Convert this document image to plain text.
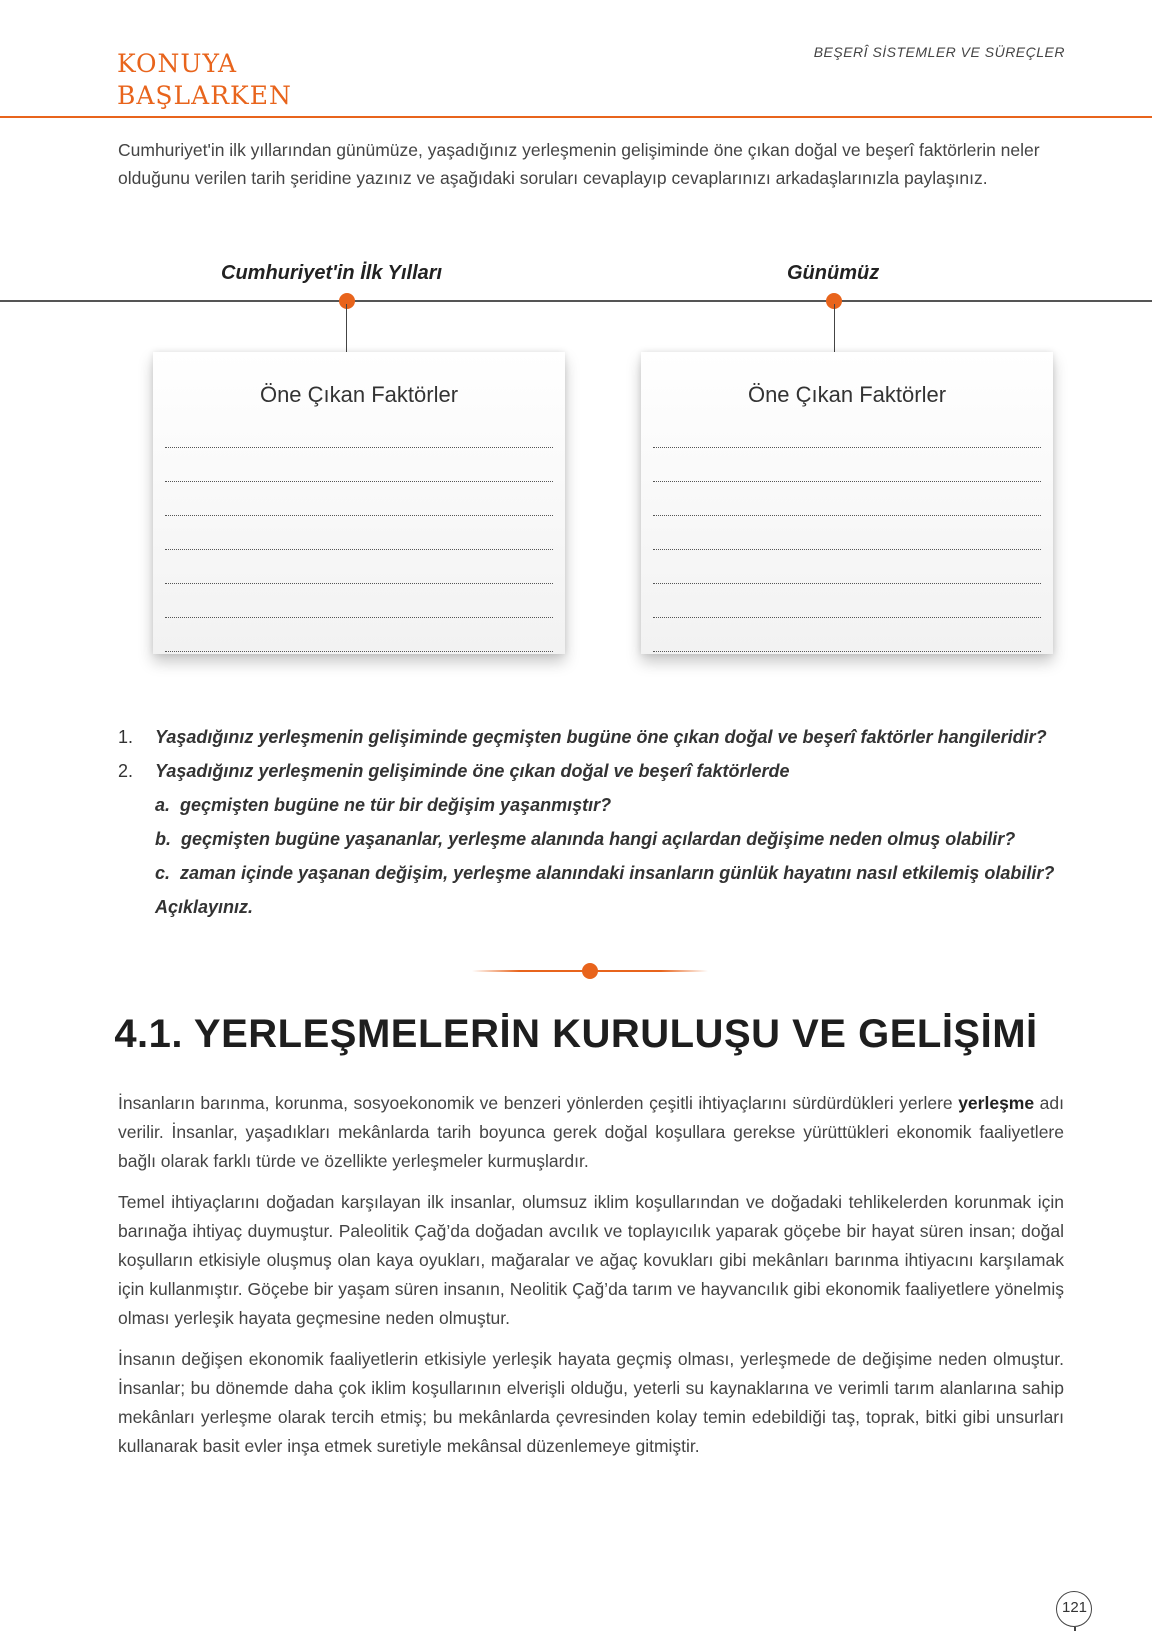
KONUYA
BAŞLARKEN
BEŞERÎ SİSTEMLER VE SÜREÇLER

Cumhuriyet'in ilk yıllarından günümüze, yaşadığınız yerleşmenin gelişiminde öne çıkan doğal ve beşerî faktörlerin neler olduğunu verilen tarih şeridine yazınız ve aşağıdaki soruları cevaplayıp cevaplarınızı arkadaşlarınızla paylaşınız.

Cumhuriyet'in İlk Yılları	Günümüz
Öne Çıkan Faktörler	Öne Çıkan Faktörler
1.	Yaşadığınız yerleşmenin gelişiminde geçmişten bugüne öne çıkan doğal ve beşerî faktörler hangileridir?
2.	Yaşadığınız yerleşmenin gelişiminde öne çıkan doğal ve beşerî faktörlerde
a. geçmişten bugüne ne tür bir değişim yaşanmıştır?
b. geçmişten bugüne yaşananlar, yerleşme alanında hangi açılardan değişime neden olmuş olabilir?
c. zaman içinde yaşanan değişim, yerleşme alanındaki insanların günlük hayatını nasıl etkilemiş olabilir?
Açıklayınız.
4.1. YERLEŞMELERİN KURULUŞU VE GELİŞİMİ

İnsanların barınma, korunma, sosyoekonomik ve benzeri yönlerden çeşitli ihtiyaçlarını sürdürdükleri yerlere yerleşme adı verilir. İnsanlar, yaşadıkları mekânlarda tarih boyunca gerek doğal koşullara gerekse yürüttükleri ekonomik faaliyetlere bağlı olarak farklı türde ve özellikte yerleşmeler kurmuşlardır.

Temel ihtiyaçlarını doğadan karşılayan ilk insanlar, olumsuz iklim koşullarından ve doğadaki tehlikelerden korunmak için barınağa ihtiyaç duymuştur. Paleolitik Çağ’da doğadan avcılık ve toplayıcılık yaparak göçebe bir hayat süren insan; doğal koşulların etkisiyle oluşmuş olan kaya oyukları, mağaralar ve ağaç kovukları gibi mekânları barınma ihtiyacını karşılamak için kullanmıştır. Göçebe bir yaşam süren insanın, Neolitik Çağ’da tarım ve hayvancılık gibi ekonomik faaliyetlere yönelmiş olması yerleşik hayata geçmesine neden olmuştur.

İnsanın değişen ekonomik faaliyetlerin etkisiyle yerleşik hayata geçmiş olması, yerleşmede de değişime neden olmuştur. İnsanlar; bu dönemde daha çok iklim koşullarının elverişli olduğu, yeterli su kaynaklarına ve verimli tarım alanlarına sahip mekânları yerleşme olarak tercih etmiş; bu mekânlarda çevresinden kolay temin edebildiği taş, toprak, bitki gibi unsurları kullanarak basit evler inşa etmek suretiyle mekânsal düzenlemeye gitmiştir.

121
